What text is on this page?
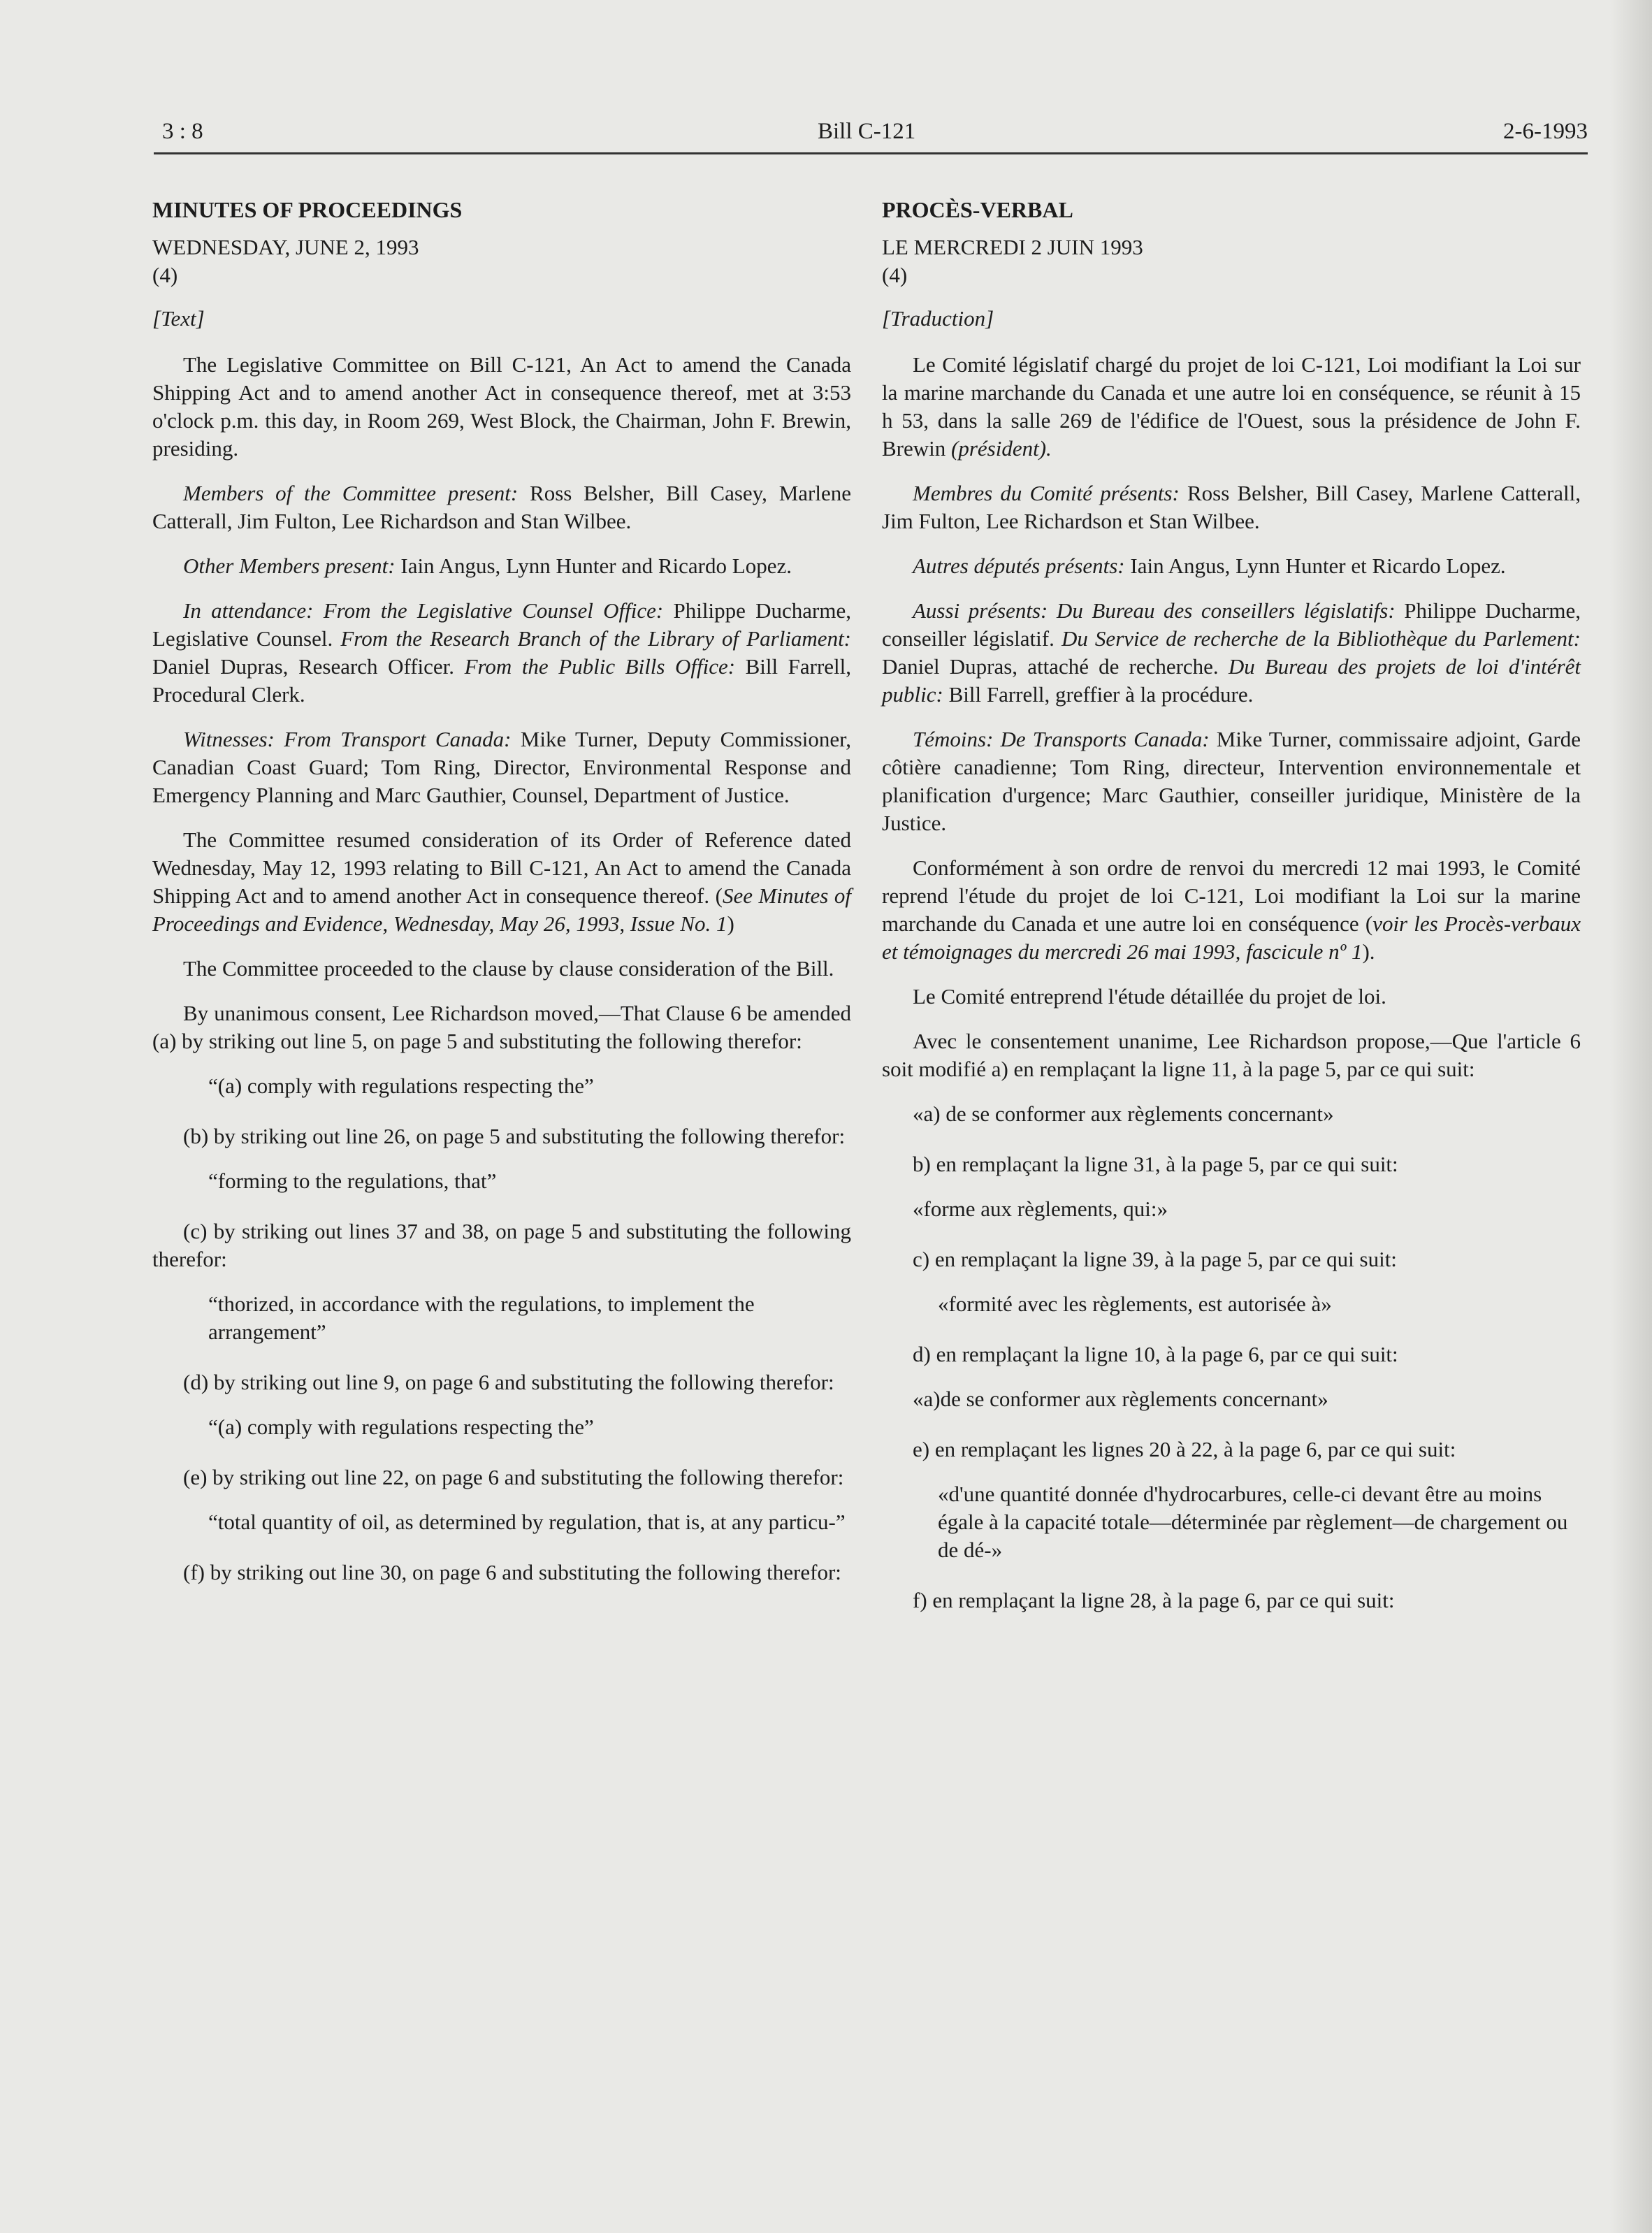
3 : 8	Bill C-121	2-6-1993
MINUTES OF PROCEEDINGS

WEDNESDAY, JUNE 2, 1993

(4)

[Text]

The Legislative Committee on Bill C-121, An Act to amend the Canada Shipping Act and to amend another Act in consequence thereof, met at 3:53 o'clock p.m. this day, in Room 269, West Block, the Chairman, John F. Brewin, presiding.

Members of the Committee present: Ross Belsher, Bill Casey, Marlene Catterall, Jim Fulton, Lee Richardson and Stan Wilbee.

Other Members present: Iain Angus, Lynn Hunter and Ricardo Lopez.

In attendance: From the Legislative Counsel Office: Philippe Ducharme, Legislative Counsel. From the Research Branch of the Library of Parliament: Daniel Dupras, Research Officer. From the Public Bills Office: Bill Farrell, Procedural Clerk.

Witnesses: From Transport Canada: Mike Turner, Deputy Commissioner, Canadian Coast Guard; Tom Ring, Director, Environmental Response and Emergency Planning and Marc Gauthier, Counsel, Department of Justice.

The Committee resumed consideration of its Order of Reference dated Wednesday, May 12, 1993 relating to Bill C-121, An Act to amend the Canada Shipping Act and to amend another Act in consequence thereof. (See Minutes of Proceedings and Evidence, Wednesday, May 26, 1993, Issue No. 1)

The Committee proceeded to the clause by clause consideration of the Bill.

By unanimous consent, Lee Richardson moved,—That Clause 6 be amended (a) by striking out line 5, on page 5 and substituting the following therefor:

“(a) comply with regulations respecting the”

(b) by striking out line 26, on page 5 and substituting the following therefor:

“forming to the regulations, that”

(c) by striking out lines 37 and 38, on page 5 and substituting the following therefor:

“thorized, in accordance with the regulations, to implement the arrangement”

(d) by striking out line 9, on page 6 and substituting the following therefor:

“(a) comply with regulations respecting the”

(e) by striking out line 22, on page 6 and substituting the following therefor:

“total quantity of oil, as determined by regulation, that is, at any particu-”

(f) by striking out line 30, on page 6 and substituting the following therefor:

PROCÈS-VERBAL

LE MERCREDI 2 JUIN 1993

(4)

[Traduction]

Le Comité législatif chargé du projet de loi C-121, Loi modifiant la Loi sur la marine marchande du Canada et une autre loi en conséquence, se réunit à 15 h 53, dans la salle 269 de l'édifice de l'Ouest, sous la présidence de John F. Brewin (président).

Membres du Comité présents: Ross Belsher, Bill Casey, Marlene Catterall, Jim Fulton, Lee Richardson et Stan Wilbee.

Autres députés présents: Iain Angus, Lynn Hunter et Ricardo Lopez.

Aussi présents: Du Bureau des conseillers législatifs: Philippe Ducharme, conseiller législatif. Du Service de recherche de la Bibliothèque du Parlement: Daniel Dupras, attaché de recherche. Du Bureau des projets de loi d'intérêt public: Bill Farrell, greffier à la procédure.

Témoins: De Transports Canada: Mike Turner, commissaire adjoint, Garde côtière canadienne; Tom Ring, directeur, Intervention environnementale et planification d'urgence; Marc Gauthier, conseiller juridique, Ministère de la Justice.

Conformément à son ordre de renvoi du mercredi 12 mai 1993, le Comité reprend l'étude du projet de loi C-121, Loi modifiant la Loi sur la marine marchande du Canada et une autre loi en conséquence (voir les Procès-verbaux et témoignages du mercredi 26 mai 1993, fascicule nº 1).

Le Comité entreprend l'étude détaillée du projet de loi.

Avec le consentement unanime, Lee Richardson propose,—Que l'article 6 soit modifié a) en remplaçant la ligne 11, à la page 5, par ce qui suit:

«a) de se conformer aux règlements concernant»

b) en remplaçant la ligne 31, à la page 5, par ce qui suit:

«forme aux règlements, qui:»

c) en remplaçant la ligne 39, à la page 5, par ce qui suit:

«formité avec les règlements, est autorisée à»

d) en remplaçant la ligne 10, à la page 6, par ce qui suit:

«a)de se conformer aux règlements concernant»

e) en remplaçant les lignes 20 à 22, à la page 6, par ce qui suit:

«d'une quantité donnée d'hydrocarbures, celle-ci devant être au moins égale à la capacité totale—déterminée par règlement—de chargement ou de dé-»

f) en remplaçant la ligne 28, à la page 6, par ce qui suit:
